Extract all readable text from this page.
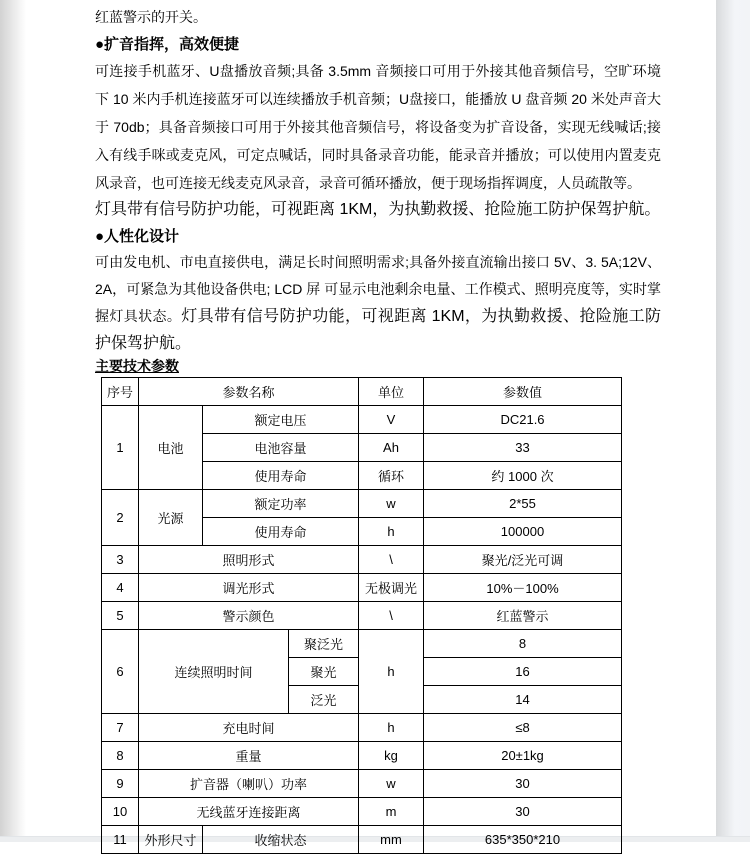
红蓝警示的开关。

●扩音指挥，高效便捷

可连接手机蓝牙、U盘播放音频;具备 3.5mm 音频接口可用于外接其他音频信号，空旷环境下 10 米内手机连接蓝牙可以连续播放手机音频；U盘接口，能播放 U 盘音频 20 米处声音大于 70db；具备音频接口可用于外接其他音频信号，将设备变为扩音设备，实现无线喊话;接入有线手咪或麦克风，可定点喊话，同时具备录音功能，能录音并播放；可以使用内置麦克风录音，也可连接无线麦克风录音，录音可循环播放，便于现场指挥调度，人员疏散等。

灯具带有信号防护功能，可视距离 1KM，为执勤救援、抢险施工防护保驾护航。

●人性化设计

可由发电机、市电直接供电，满足长时间照明需求;具备外接直流输出接口 5V、3. 5A;12V、2A，可紧急为其他设备供电; LCD 屏 可显示电池剩余电量、工作模式、照明亮度等，实时掌握灯具状态。灯具带有信号防护功能，可视距离 1KM，为执勤救援、抢险施工防护保驾护航。

主要技术参数
序号	参数名称			单位	参数值
1	电池	额定电压		V	DC21.6
		电池容量		Ah	33
		使用寿命		循环	约 1000 次
2	光源	额定功率		w	2*55
		使用寿命		h	100000
3	照明形式			\	聚光/泛光可调
4	调光形式			无极调光	10%－100%
5	警示颜色			\	红蓝警示
6	连续照明时间		聚泛光	h	8
			聚光		16
			泛光		14
7	充电时间			h	≤8
8	重量			kg	20±1kg
9	扩音器（喇叭）功率			w	30
10	无线蓝牙连接距离			m	30
11	外形尺寸	收缩状态		mm	635*350*210
